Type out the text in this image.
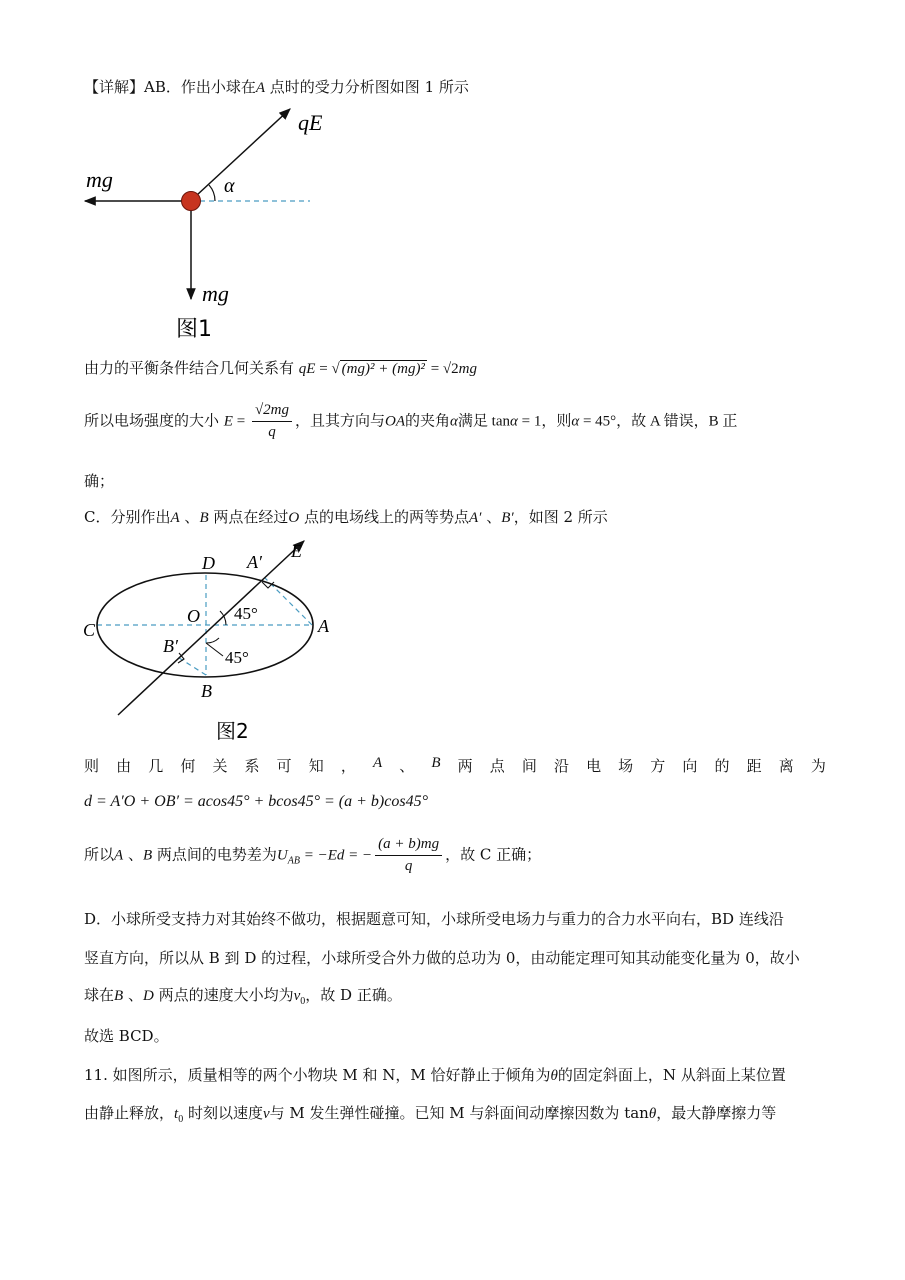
【详解】AB．作出小球在A 点时的受力分析图如图 1 所示
qE
mg	α
mg
图1
由力的平衡条件结合几何关系有 qE = √ (mg)² + (mg)² = √2mg
所以电场强度的大小 $E = \frac{√2mg}{q}$ ，且其方向与OA的夹角α满足 tanα = 1，则α = 45°，故 A 错误，B 正
确；
C．分别作出A 、B 两点在经过O 点的电场线上的两等势点A′ 、B′，如图 2 所示
D A′
E
C
O 45°
A
B′
45°
B
图2
则 由 几 何 关 系 可 知 ， A 、 B 两 点 间 沿 电 场 方 向 的 距 离 为
d = A′O + OB′ = acos45° + bcos45° = (a + b)cos45°
所以A 、B 两点间的电势差为$U_{AB} = -Ed$ = − $\frac{(a + b)mg}{q}$ ，故 C 正确；
D．小球所受支持力对其始终不做功，根据题意可知，小球所受电场力与重力的合力水平向右，BD 连线沿
竖直方向，所以从 B 到 D 的过程，小球所受合外力做的总功为 0，由动能定理可知其动能变化量为 0，故小
球在B 、D 两点的速度大小均为$v_0$，故 D 正确。
故选 BCD。
11. 如图所示，质量相等的两个小物块 M 和 N，M 恰好静止于倾角为θ的固定斜面上，N 从斜面上某位置
由静止释放，$t_0$ 时刻以速度v与 M 发生弹性碰撞。已知 M 与斜面间动摩擦因数为 tanθ，最大静摩擦力等
